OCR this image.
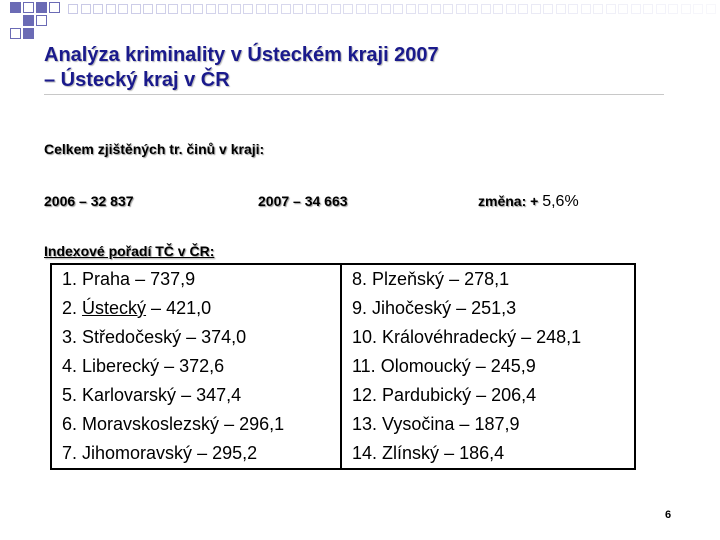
Analýza kriminality v Ústeckém kraji 2007
– Ústecký kraj v ČR
Celkem zjištěných tr. činů v kraji:
2006 – 32 837	2007 – 34 663	změna: + 5,6%
Indexové pořadí TČ v ČR:
1. Praha – 737,9	8. Plzeňský – 278,1
2. Ústecký – 421,0	9. Jihočeský – 251,3
3. Středočeský – 374,0	10. Královéhradecký – 248,1
4. Liberecký – 372,6	11. Olomoucký – 245,9
5. Karlovarský – 347,4	12. Pardubický – 206,4
6. Moravskoslezský – 296,1	13. Vysočina – 187,9
7. Jihomoravský – 295,2	14. Zlínský – 186,4
6
